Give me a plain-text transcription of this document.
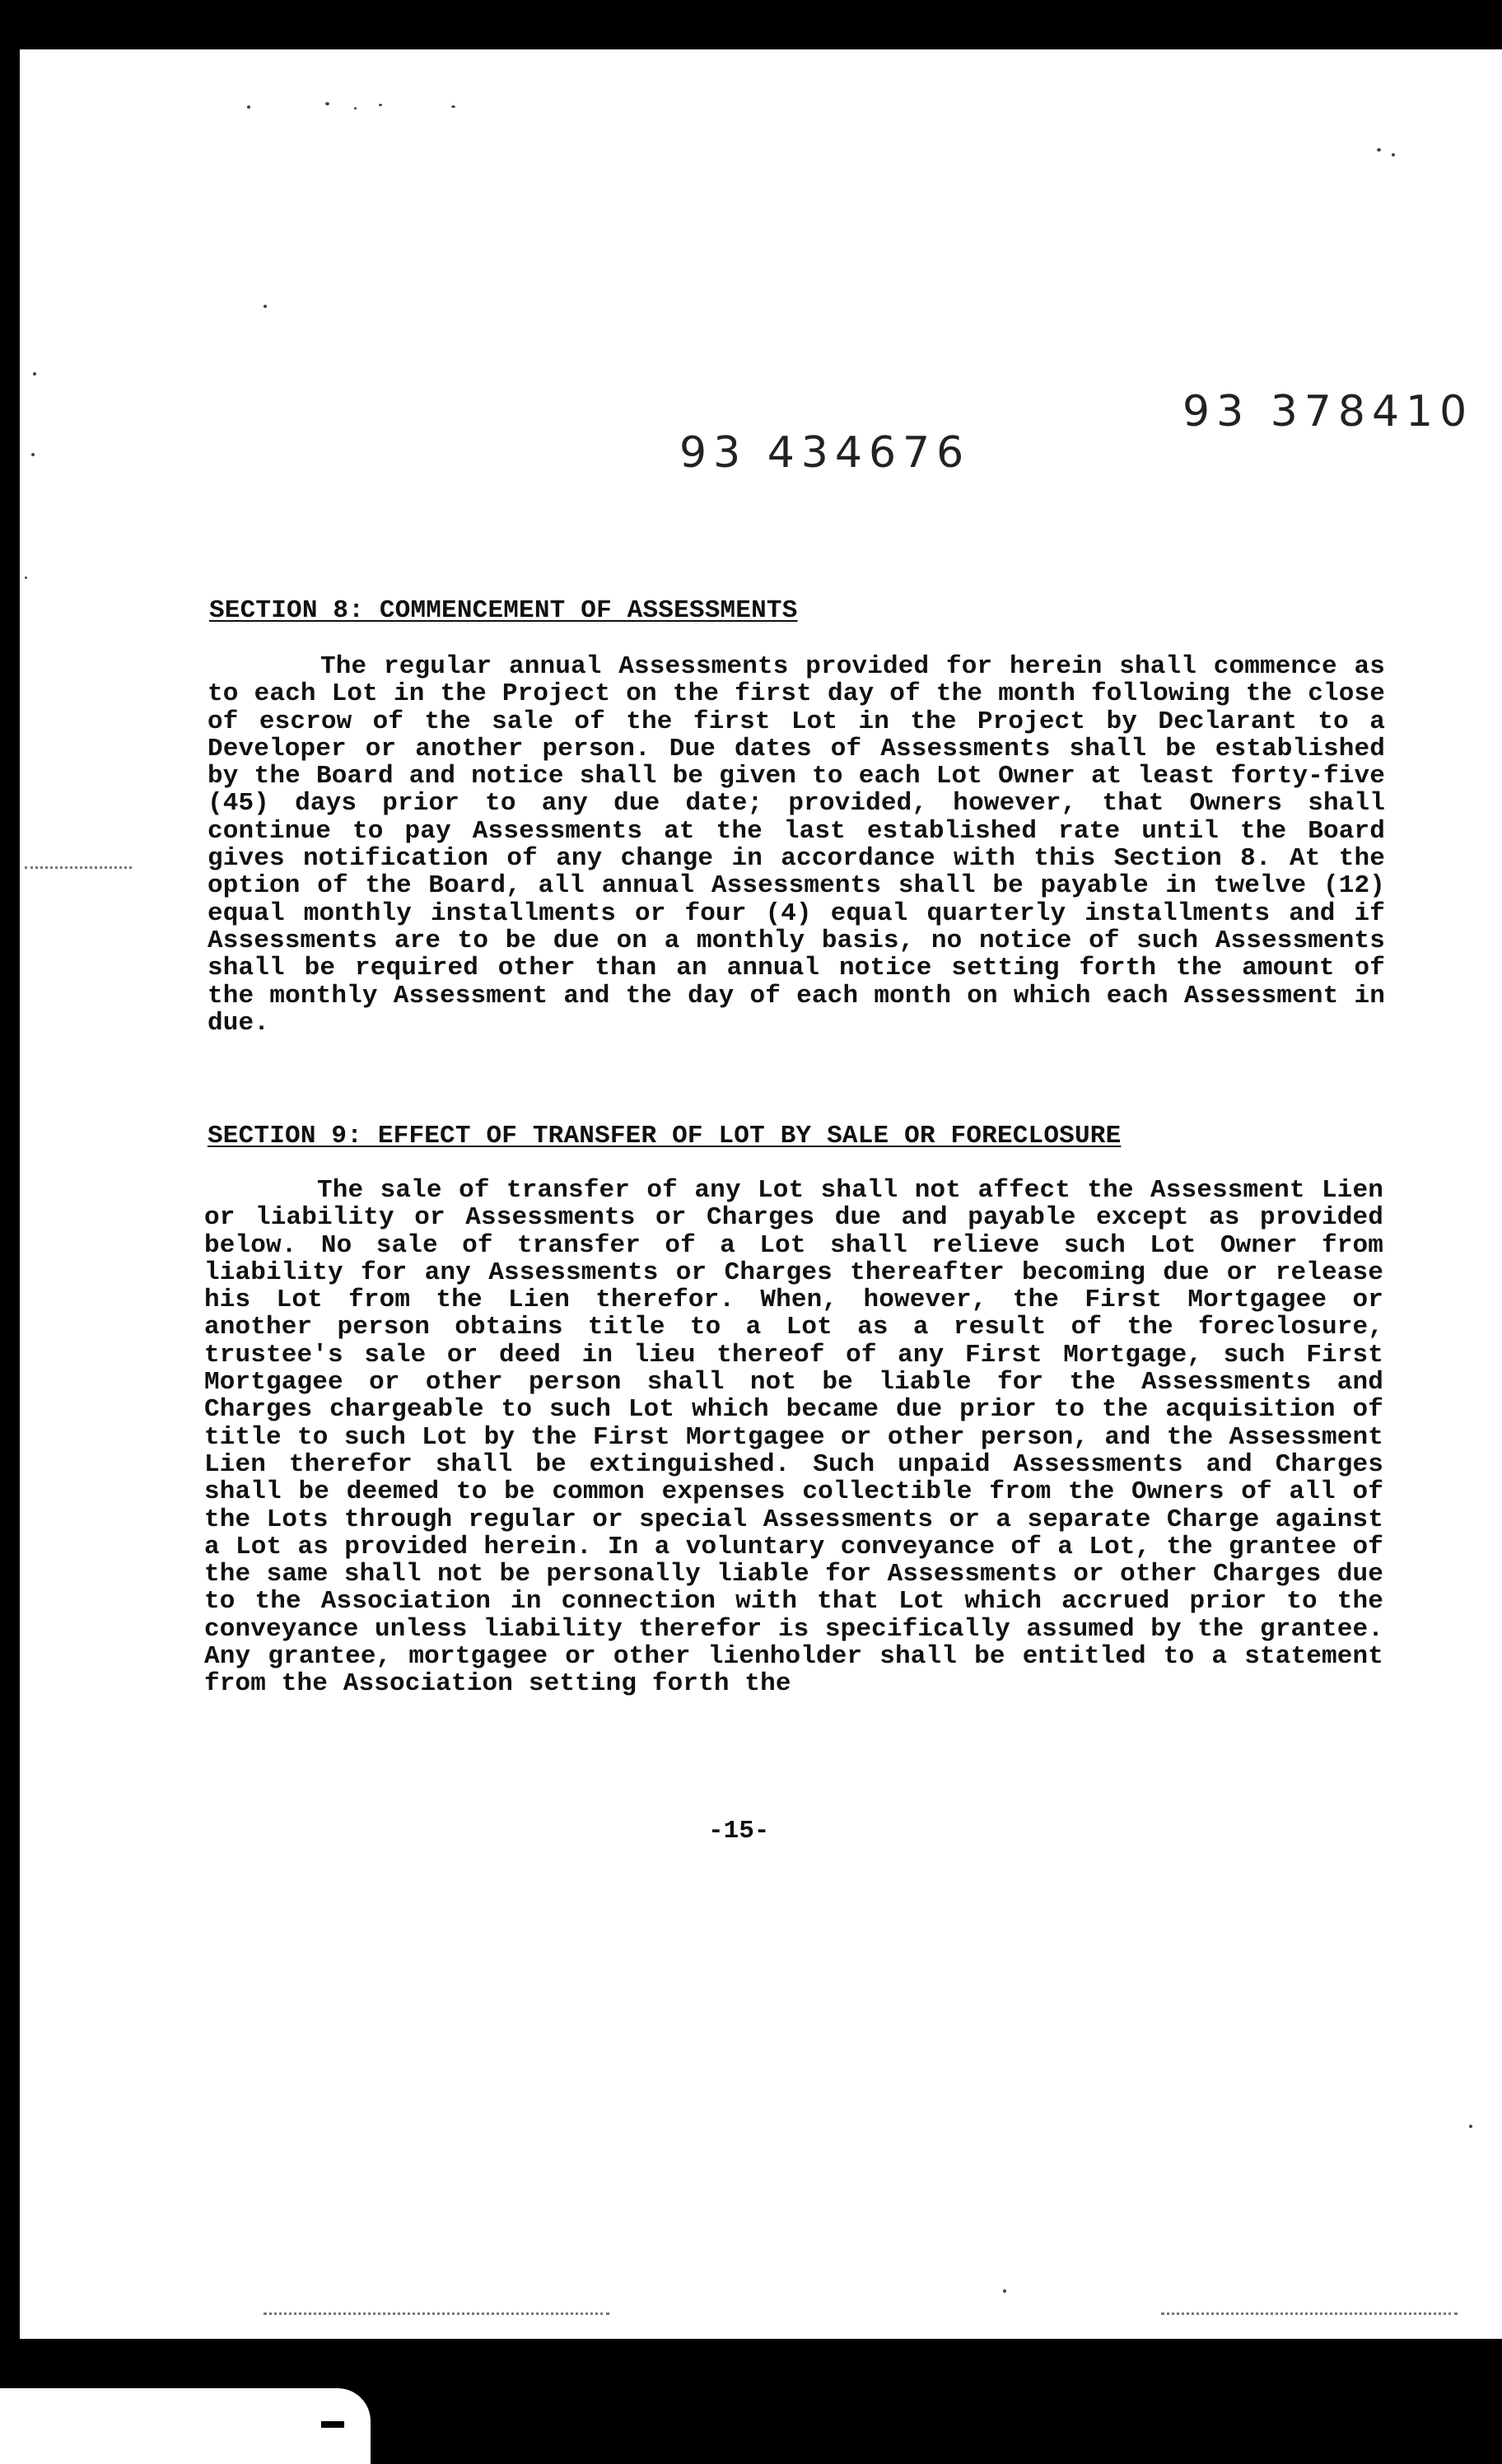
93 378410
93 434676
SECTION 8: COMMENCEMENT OF ASSESSMENTS

The regular annual Assessments provided for herein shall commence as to each Lot in the Project on the first day of the month following the close of escrow of the sale of the first Lot in the Project by Declarant to a Developer or another person. Due dates of Assessments shall be established by the Board and notice shall be given to each Lot Owner at least forty-five (45) days prior to any due date; provided, however, that Owners shall continue to pay Assessments at the last established rate until the Board gives notification of any change in accordance with this Section 8. At the option of the Board, all annual Assessments shall be payable in twelve (12) equal monthly installments or four (4) equal quarterly installments and if Assessments are to be due on a monthly basis, no notice of such Assessments shall be required other than an annual notice setting forth the amount of the monthly Assessment and the day of each month on which each Assessment in due.

SECTION 9: EFFECT OF TRANSFER OF LOT BY SALE OR FORECLOSURE

The sale of transfer of any Lot shall not affect the Assessment Lien or liability or Assessments or Charges due and payable except as provided below. No sale of transfer of a Lot shall relieve such Lot Owner from liability for any Assessments or Charges thereafter becoming due or release his Lot from the Lien therefor. When, however, the First Mortgagee or another person obtains title to a Lot as a result of the foreclosure, trustee's sale or deed in lieu thereof of any First Mortgage, such First Mortgagee or other person shall not be liable for the Assessments and Charges chargeable to such Lot which became due prior to the acquisition of title to such Lot by the First Mortgagee or other person, and the Assessment Lien therefor shall be extinguished. Such unpaid Assessments and Charges shall be deemed to be common expenses collectible from the Owners of all of the Lots through regular or special Assessments or a separate Charge against a Lot as provided herein. In a voluntary conveyance of a Lot, the grantee of the same shall not be personally liable for Assessments or other Charges due to the Association in connection with that Lot which accrued prior to the conveyance unless liability therefor is specifically assumed by the grantee. Any grantee, mortgagee or other lienholder shall be entitled to a statement from the Association setting forth the

-15-
